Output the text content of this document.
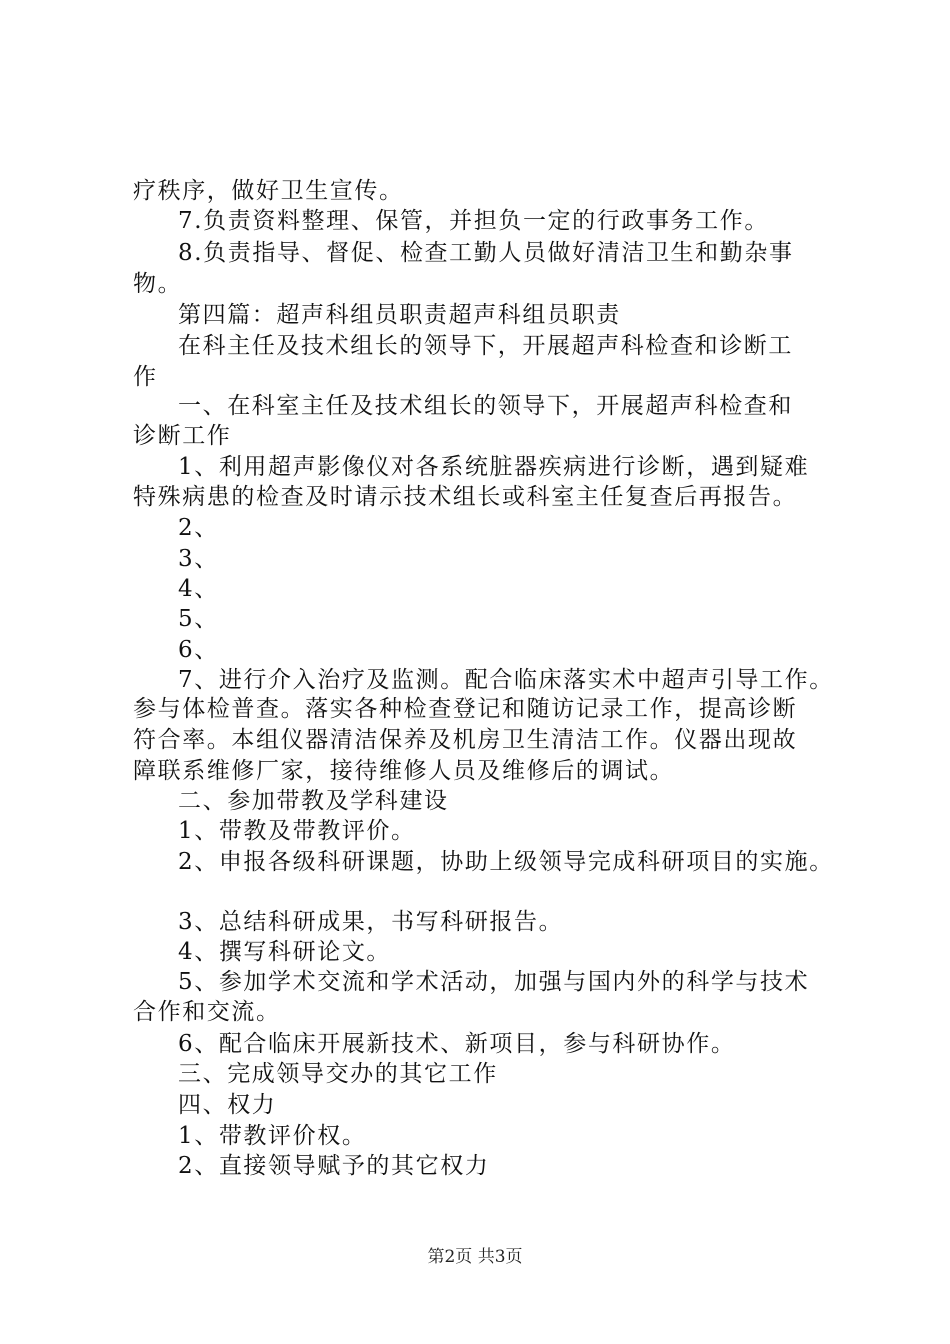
疗秩序，做好卫生宣传。
7.负责资料整理、保管，并担负一定的行政事务工作。
8.负责指导、督促、检查工勤人员做好清洁卫生和勤杂事
物。
第四篇：超声科组员职责超声科组员职责
在科主任及技术组长的领导下，开展超声科检查和诊断工
作
一、在科室主任及技术组长的领导下，开展超声科检查和
诊断工作
1、利用超声影像仪对各系统脏器疾病进行诊断，遇到疑难
特殊病患的检查及时请示技术组长或科室主任复查后再报告。
2、
3、
4、
5、
6、
7、进行介入治疗及监测。配合临床落实术中超声引导工作。
参与体检普查。落实各种检查登记和随访记录工作，提高诊断
符合率。本组仪器清洁保养及机房卫生清洁工作。仪器出现故
障联系维修厂家，接待维修人员及维修后的调试。
二、参加带教及学科建设
1、带教及带教评价。
2、申报各级科研课题，协助上级领导完成科研项目的实施。
3、总结科研成果，书写科研报告。
4、撰写科研论文。
5、参加学术交流和学术活动，加强与国内外的科学与技术
合作和交流。
6、配合临床开展新技术、新项目，参与科研协作。
三、完成领导交办的其它工作
四、权力
1、带教评价权。
2、直接领导赋予的其它权力
第2页 共3页
